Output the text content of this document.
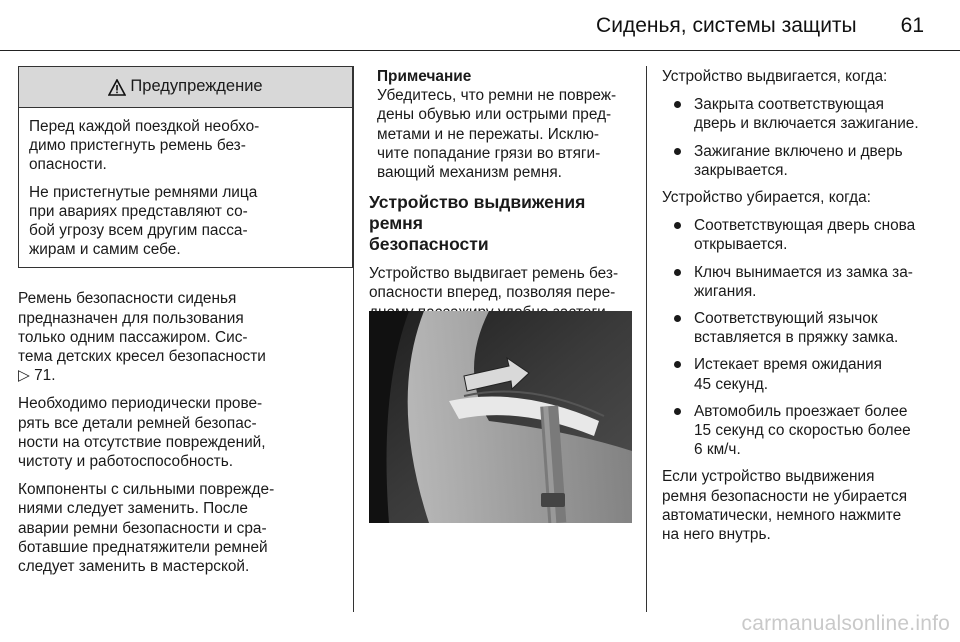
Сиденья, системы защиты 61
Предупреждение

Перед каждой поездкой необхо-
димо пристегнуть ремень без-
опасности.

Не пристегнутые ремнями лица
при авариях представляют со-
бой угрозу всем другим пасса-
жирам и самим себе.

Ремень безопасности сиденья
предназначен для пользования
только одним пассажиром. Сис-
тема детских кресел безопасности
▷ 71.

Необходимо периодически прове-
рять все детали ремней безопас-
ности на отсутствие повреждений,
чистоту и работоспособность.

Компоненты с сильными поврежде-
ниями следует заменить. После
аварии ремни безопасности и сра-
ботавшие преднатяжители ремней
следует заменить в мастерской.

Примечание

Убедитесь, что ремни не повреж-
дены обувью или острыми пред-
метами и не пережаты. Исклю-
чите попадание грязи во втяги-
вающий механизм ремня.

Устройство выдвижения ремня
безопасности

Устройство выдвигает ремень без-
опасности вперед, позволяя пере-

Устройство выдвигается, когда:

Закрыта соответствующая
дверь и включается зажигание.
Зажигание включено и дверь
закрывается.

Устройство убирается, когда:

Соответствующая дверь снова
открывается.
Ключ вынимается из замка за-
жигания.
Соответствующий язычок
вставляется в пряжку замка.
Истекает время ожидания
45 секунд.
Автомобиль проезжает более
15 секунд со скоростью более
6 км/ч.

Если устройство выдвижения
ремня безопасности не убирается
автоматически, немного нажмите
на него внутрь.

carmanualsonline.info
